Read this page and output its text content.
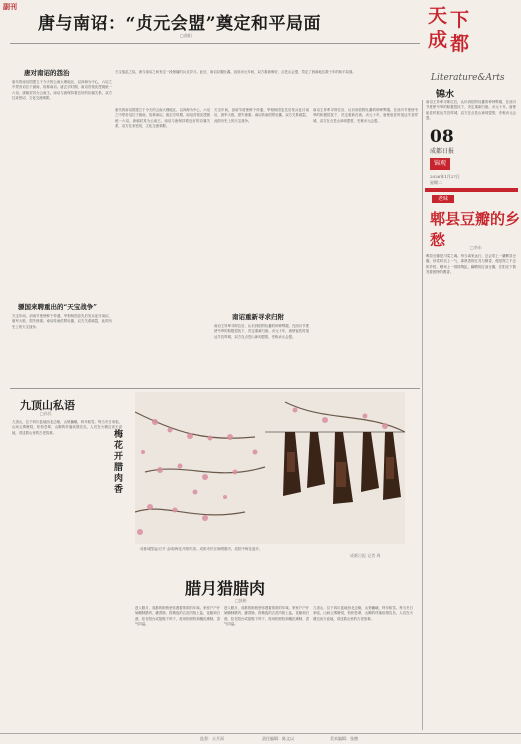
副刊
唐与南诏：“贞元会盟”奠定和平局面
□曲阳
天 下
成 都
Literature&Arts
锦水
08
成都日报
锦观
2026年1月27日
星期二
天宝战乱之际，唐与南诏之间有过一段惨痛的兵戈岁月。此后，南诏臣服吐蕃。直到贞元年间，双方重新修好，点苍山会盟，奠定了西南地区数十年的和平局面。
唐对南诏的怨治
唐代的南诏国建立于今天的云南大理地区，以洱海为中心，六诏之中蒙舍诏位于最南，故称南诏。唐玄宗时期，南诏首领皮逻阁统一六诏，唐朝封其为云南王。南诏与唐保持着良好的臣属关系，双方往来密切，文化交流频繁。
骠国来聘重出的“天宝战争”
天宝年间，剑南节度使鲜于仲通、宰相杨国忠先后发兵征讨南诏，唐军大败，损失惨重。南诏转而依附吐蕃，双方关系破裂，此即历史上的天宝战争。
唐代的南诏国建立于今天的云南大理地区，以洱海为中心，六诏之中蒙舍诏位于最南，故称南诏。唐玄宗时期，南诏首领皮逻阁统一六诏，唐朝封其为云南王。南诏与唐保持着良好的臣属关系，双方往来密切，文化交流频繁。
天宝年间，剑南节度使鲜于仲通、宰相杨国忠先后发兵征讨南诏，唐军大败，损失惨重。南诏转而依附吐蕃，双方关系破裂，此即历史上的天宝战争。
南诏重新寻求归附
南诏王异牟寻即位后，认识到依附吐蕃的种种弊端，在西川节度使韦皋的积极招抚下，决定重新归唐。贞元十年，唐使崔佐时抵达羊苴咩城，双方在点苍山神祠盟誓，史称贞元会盟。
南诏王异牟寻即位后，认识到依附吐蕃的种种弊端，在西川节度使韦皋的积极招抚下，决定重新归唐。贞元十年，唐使崔佐时抵达羊苴咩城，双方在点苍山神祠盟誓，史称贞元会盟。
九顶山私语
□孙民
九顶山，位于四川盆地西北边缘，山势巍峨，终年积雪。每当冬日来临，山间云雾缭绕，松柏苍翠，山脚的村落炊烟袅袅，人们在火塘边谈天说地，讲述着山里的古老故事。	梅花开 腊肉香
成都城隍庙/百节·金城/梅花开腊肉香。成都市民在晾晒腊肉，庭院中梅花盛开。
成都日报 记者 周
腊月猎腊肉
□凯彬
进入腊月，成都的街巷里弥漫着浓浓的年味。家家户户开始腌制腊肉、灌香肠，将精选的五花肉抹上盐、花椒和白酒，挂在阳台或屋檐下风干，再用柏树枝和橘皮熏制，香气四溢。
进入腊月，成都的街巷里弥漫着浓浓的年味。家家户户开始腌制腊肉、灌香肠，将精选的五花肉抹上盐、花椒和白酒，挂在阳台或屋檐下风干，再用柏树枝和橘皮熏制，香气四溢。
九顶山，位于四川盆地西北边缘，山势巍峨，终年积雪。每当冬日来临，山间云雾缭绕，松柏苍翠，山脚的村落炊烟袅袅，人们在火塘边谈天说地，讲述着山里的古老故事。
南诏王异牟寻即位后，认识到依附吐蕃的种种弊端，在西川节度使韦皋的积极招抚下，决定重新归唐。贞元十年，唐使崔佐时抵达羊苴咩城，双方在点苍山神祠盟誓，史称贞元会盟。
老味
郫县豆瓣的乡愁	□李东
郫县豆瓣是川菜之魂。每当离家远行，总会带上一罐郫县豆瓣，炒菜时舀上一勺，那熟悉的红亮与醇香，便是挥之不去的乡愁。晒场上一排排陶缸，翻晒的红油豆瓣，在阳光下散发着独特的酱香。
监督：丘月雨	责任编辑：陈文以	美术编辑：张德
